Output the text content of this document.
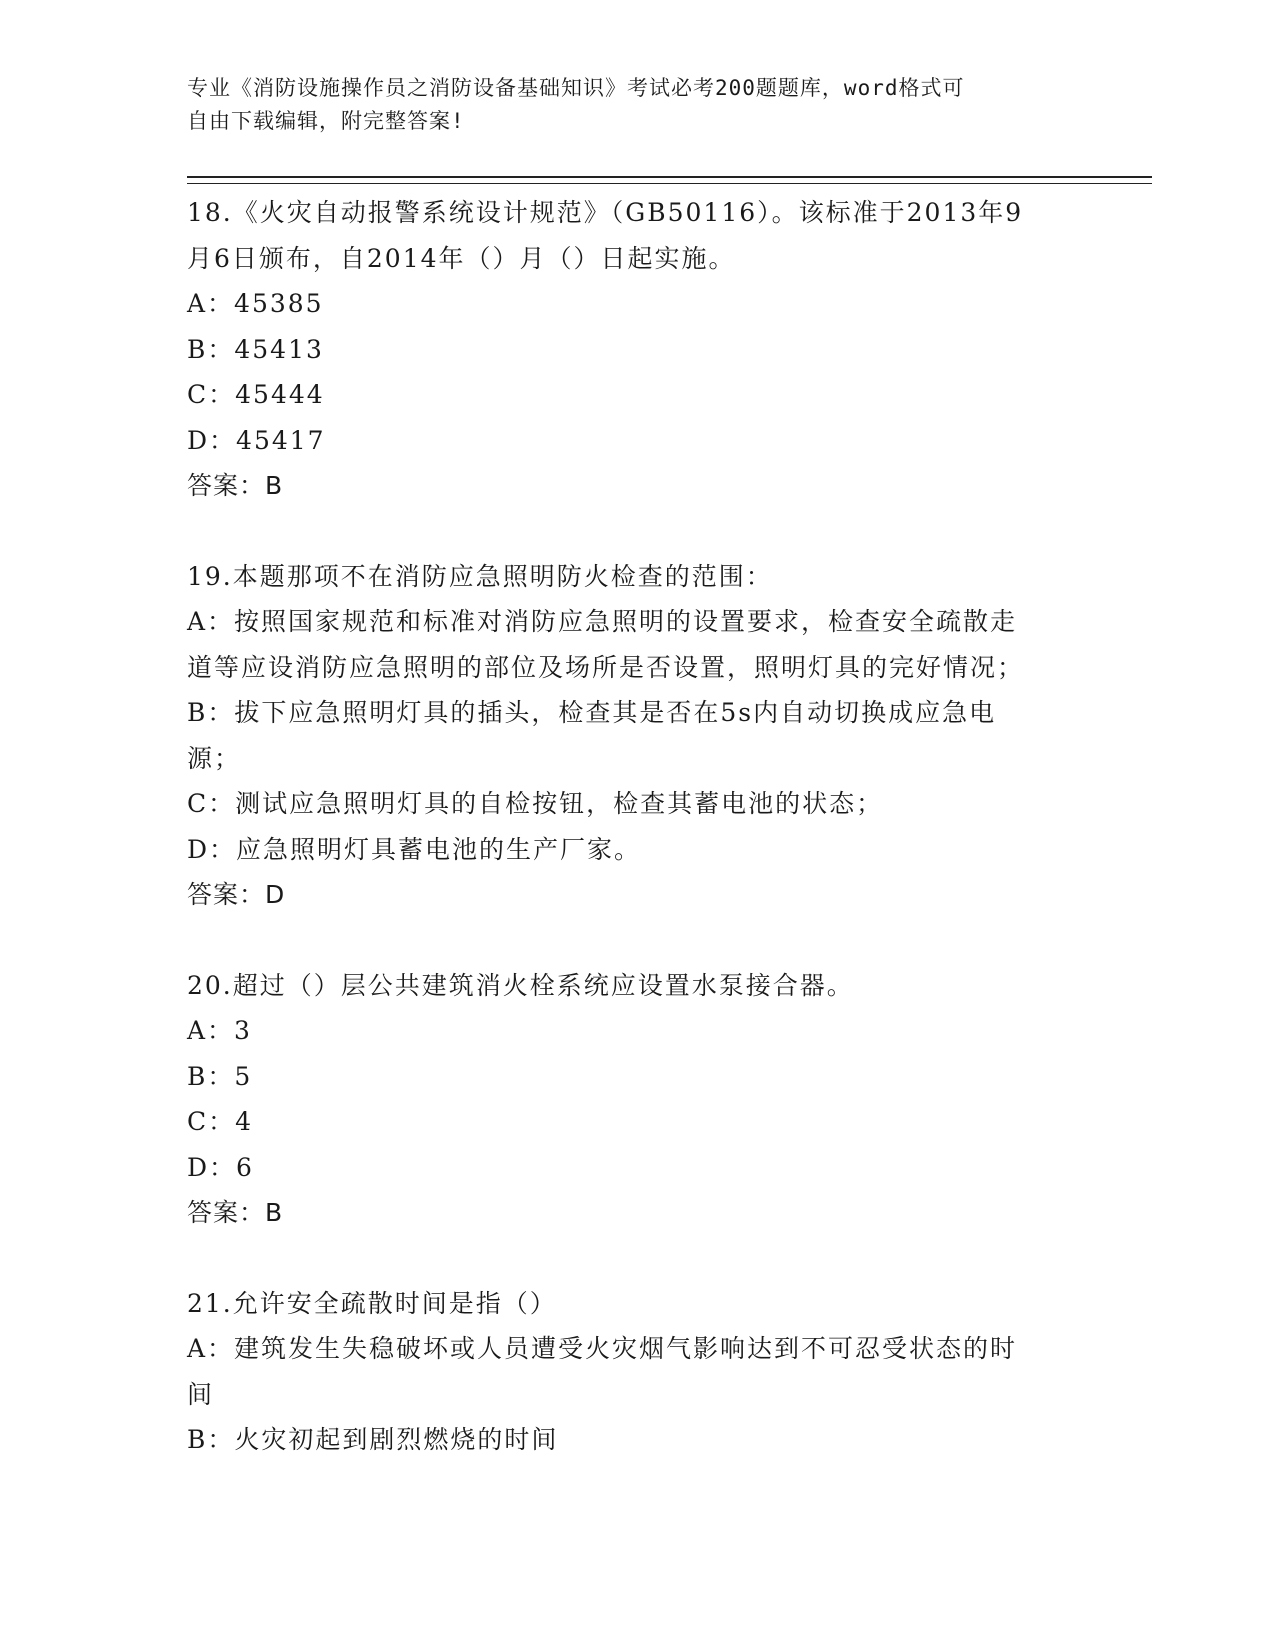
专业《消防设施操作员之消防设备基础知识》考试必考200题题库，word格式可
自由下载编辑，附完整答案!
18.《火灾自动报警系统设计规范》（GB50116）。该标准于2013年9
月6日颁布，自2014年（）月（）日起实施。
A：45385
B：45413
C：45444
D：45417
答案：B
19.本题那项不在消防应急照明防火检查的范围：
A：按照国家规范和标准对消防应急照明的设置要求，检查安全疏散走
道等应设消防应急照明的部位及场所是否设置，照明灯具的完好情况；
B：拔下应急照明灯具的插头，检查其是否在5s内自动切换成应急电
源；
C：测试应急照明灯具的自检按钮，检查其蓄电池的状态；
D：应急照明灯具蓄电池的生产厂家。
答案：D
20.超过（）层公共建筑消火栓系统应设置水泵接合器。
A：3
B：5
C：4
D：6
答案：B
21.允许安全疏散时间是指（）
A：建筑发生失稳破坏或人员遭受火灾烟气影响达到不可忍受状态的时
间
B：火灾初起到剧烈燃烧的时间
